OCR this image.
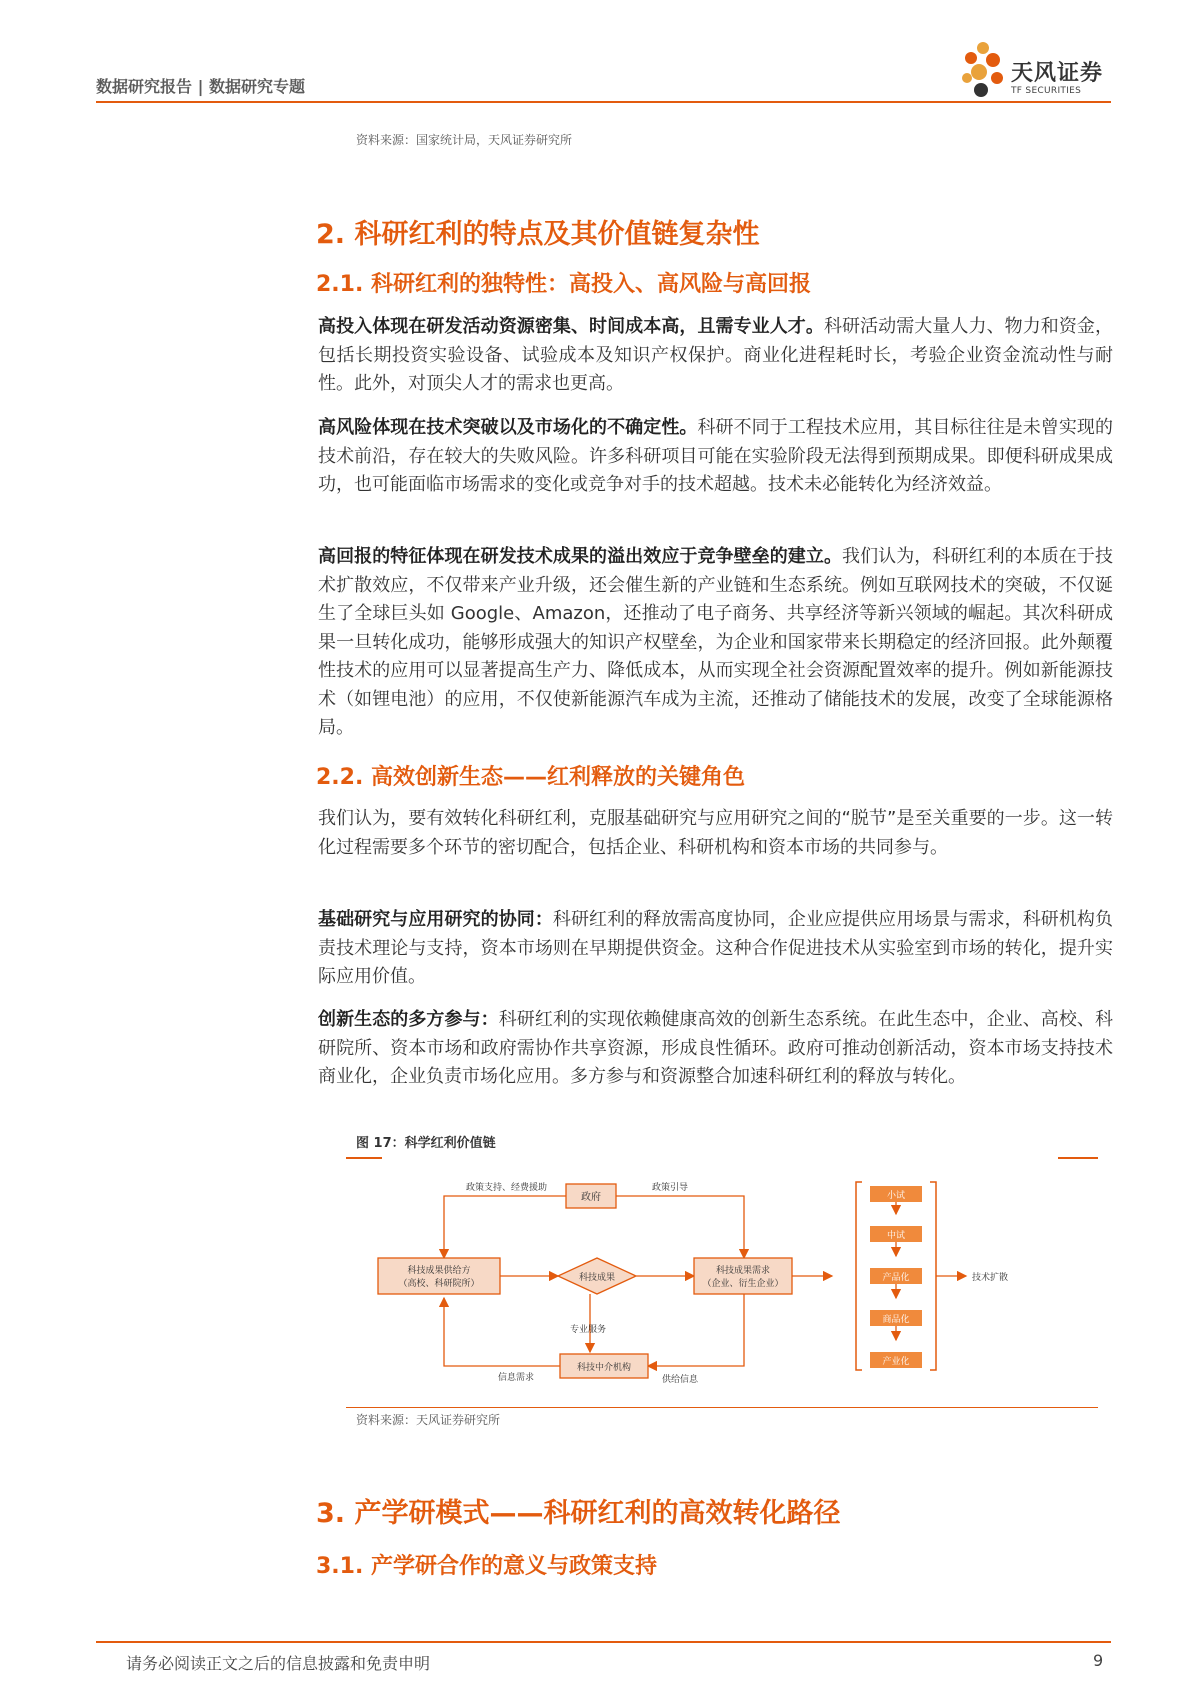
数据研究报告 | 数据研究专题
天风证券
TF SECURITIES
资料来源：国家统计局，天风证券研究所
2. 科研红利的特点及其价值链复杂性
2.1. 科研红利的独特性：高投入、高风险与高回报
高投入体现在研发活动资源密集、时间成本高，且需专业人才。科研活动需大量人力、物力和资金，包括长期投资实验设备、试验成本及知识产权保护。商业化进程耗时长，考验企业资金流动性与耐性。此外，对顶尖人才的需求也更高。
高风险体现在技术突破以及市场化的不确定性。科研不同于工程技术应用，其目标往往是未曾实现的技术前沿，存在较大的失败风险。许多科研项目可能在实验阶段无法得到预期成果。即便科研成果成功，也可能面临市场需求的变化或竞争对手的技术超越。技术未必能转化为经济效益。
高回报的特征体现在研发技术成果的溢出效应于竞争壁垒的建立。我们认为，科研红利的本质在于技术扩散效应，不仅带来产业升级，还会催生新的产业链和生态系统。例如互联网技术的突破，不仅诞生了全球巨头如 Google、Amazon，还推动了电子商务、共享经济等新兴领域的崛起。其次科研成果一旦转化成功，能够形成强大的知识产权壁垒，为企业和国家带来长期稳定的经济回报。此外颠覆性技术的应用可以显著提高生产力、降低成本，从而实现全社会资源配置效率的提升。例如新能源技术（如锂电池）的应用，不仅使新能源汽车成为主流，还推动了储能技术的发展，改变了全球能源格局。
2.2. 高效创新生态——红利释放的关键角色
我们认为，要有效转化科研红利，克服基础研究与应用研究之间的“脱节”是至关重要的一步。这一转化过程需要多个环节的密切配合，包括企业、科研机构和资本市场的共同参与。
基础研究与应用研究的协同：科研红利的释放需高度协同，企业应提供应用场景与需求，科研机构负责技术理论与支持，资本市场则在早期提供资金。这种合作促进技术从实验室到市场的转化，提升实际应用价值。
创新生态的多方参与：科研红利的实现依赖健康高效的创新生态系统。在此生态中，企业、高校、科研院所、资本市场和政府需协作共享资源，形成良性循环。政府可推动创新活动，资本市场支持技术商业化，企业负责市场化应用。多方参与和资源整合加速科研红利的释放与转化。
图 17：科学红利价值链
政府
科技成果供给方
（高校、科研院所）
科技成果
科技成果需求
（企业、衍生企业）
科技中介机构
政策支持、经费援助	政策引导
专业服务
信息需求	供给信息
小试
中试
产品化
商品化
产业化
技术扩散
资料来源：天风证券研究所
3. 产学研模式——科研红利的高效转化路径
3.1. 产学研合作的意义与政策支持
请务必阅读正文之后的信息披露和免责申明	9
